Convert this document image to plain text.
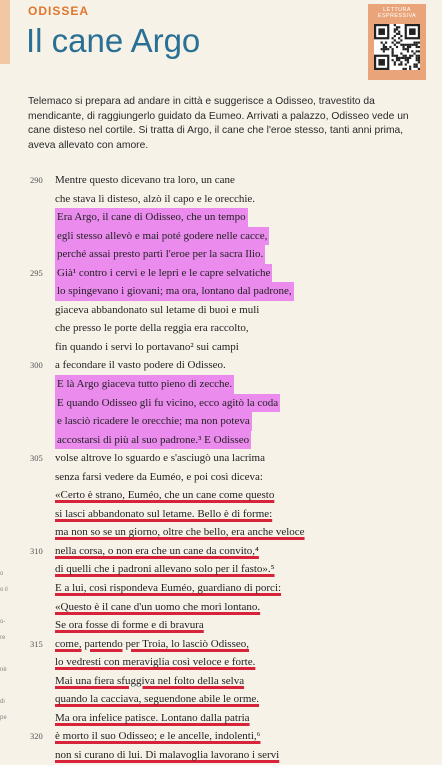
ODISSEA
Il cane Argo
LETTURA ESPRESSIVA

Telemaco si prepara ad andare in città e suggerisce a Odisseo, travestito da mendicante, di raggiungerlo guidato da Eumeo. Arrivati a palazzo, Odisseo vede un cane disteso nel cortile. Si tratta di Argo, il cane che l'eroe stesso, tanti anni prima, aveva allevato con amore.

290	Mentre questo dicevano tra loro, un cane
che stava lì disteso, alzò il capo e le orecchie.
Era Argo, il cane di Odisseo, che un tempo
egli stesso allevò e mai poté godere nelle cacce,
perché assai presto partì l'eroe per la sacra Ilio.
295	Già¹ contro i cervi e le lepri e le capre selvatiche
lo spingevano i giovani; ma ora, lontano dal padrone,
giaceva abbandonato sul letame di buoi e muli
che presso le porte della reggia era raccolto,
fin quando i servi lo portavano² sui campi
300	a fecondare il vasto podere di Odisseo.
E là Argo giaceva tutto pieno di zecche.
E quando Odisseo gli fu vicino, ecco agitò la coda
e lasciò ricadere le orecchie; ma non poteva
accostarsi di più al suo padrone.³ E Odisseo
305	volse altrove lo sguardo e s'asciugò una lacrima
senza farsi vedere da Euméo, e poi così diceva:
«Certo è strano, Euméo, che un cane come questo
si lasci abbandonato sul letame. Bello è di forme:
ma non so se un giorno, oltre che bello, era anche veloce
310	nella corsa, o non era che un cane da convito,⁴
di quelli che i padroni allevano solo per il fasto».⁵
E a lui, così rispondeva Euméo, guardiano di porci:
«Questo è il cane d'un uomo che morì lontano.
Se ora fosse di forme e di bravura
315	come, partendo per Troia, lo lasciò Odisseo,
lo vedresti con meraviglia così veloce e forte.
Mai una fiera sfuggiva nel folto della selva
quando la cacciava, seguendone abile le orme.
Ma ora infelice patisce. Lontano dalla patria
320	è morto il suo Odisseo; e le ancelle, indolenti,⁶
non si curano di lui. Di malavoglia lavorano i servi
o
o il
o-
re
nè
di
pe
